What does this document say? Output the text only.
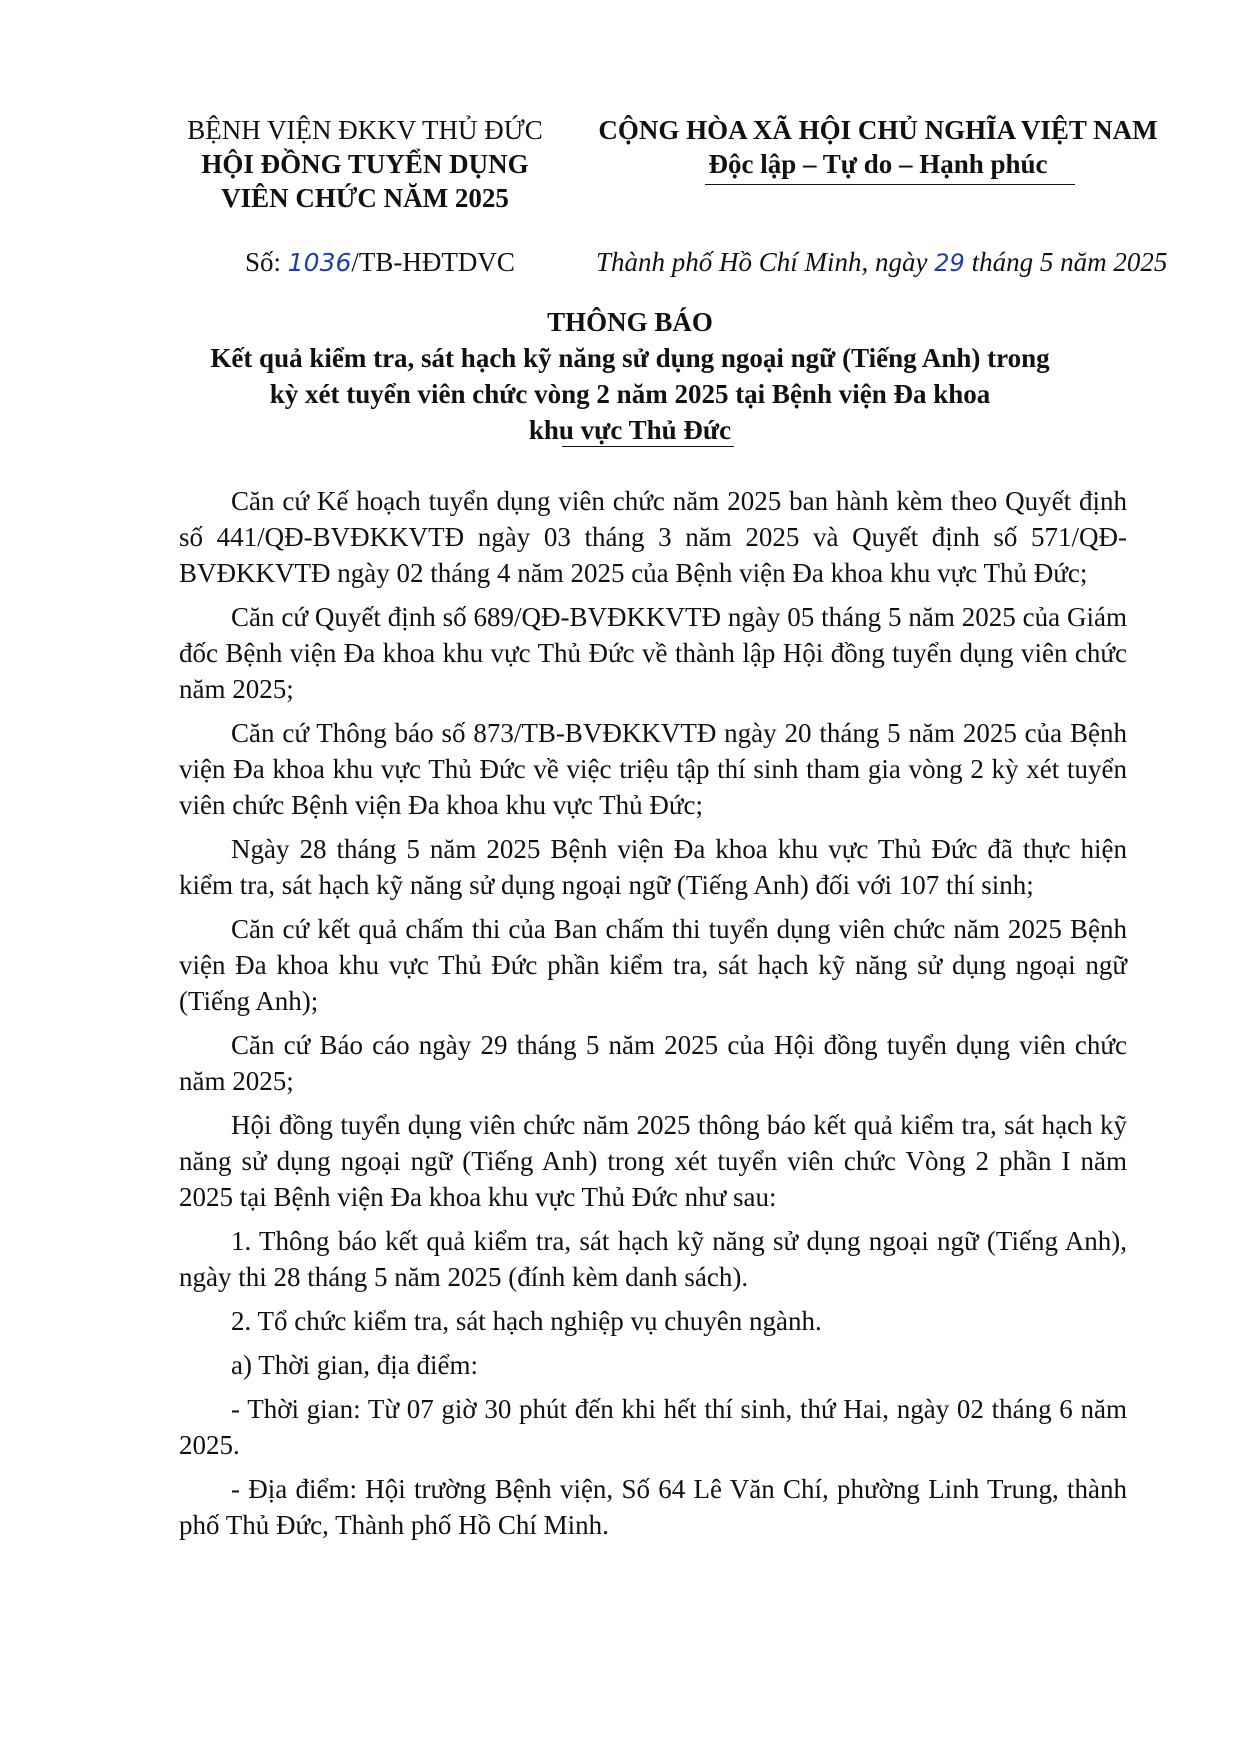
BỆNH VIỆN ĐKKV THỦ ĐỨC
HỘI ĐỒNG TUYỂN DỤNG
VIÊN CHỨC NĂM 2025
CỘNG HÒA XÃ HỘI CHỦ NGHĨA VIỆT NAM
Độc lập – Tự do – Hạnh phúc
Số: 1036/TB-HĐTDVC	Thành phố Hồ Chí Minh, ngày 29 tháng 5 năm 2025
THÔNG BÁO
Kết quả kiểm tra, sát hạch kỹ năng sử dụng ngoại ngữ (Tiếng Anh) trong
kỳ xét tuyển viên chức vòng 2 năm 2025 tại Bệnh viện Đa khoa
khu vực Thủ Đức

Căn cứ Kế hoạch tuyển dụng viên chức năm 2025 ban hành kèm theo Quyết định số 441/QĐ-BVĐKKVTĐ ngày 03 tháng 3 năm 2025 và Quyết định số 571/QĐ-BVĐKKVTĐ ngày 02 tháng 4 năm 2025 của Bệnh viện Đa khoa khu vực Thủ Đức;

Căn cứ Quyết định số 689/QĐ-BVĐKKVTĐ ngày 05 tháng 5 năm 2025 của Giám đốc Bệnh viện Đa khoa khu vực Thủ Đức về thành lập Hội đồng tuyển dụng viên chức năm 2025;

Căn cứ Thông báo số 873/TB-BVĐKKVTĐ ngày 20 tháng 5 năm 2025 của Bệnh viện Đa khoa khu vực Thủ Đức về việc triệu tập thí sinh tham gia vòng 2 kỳ xét tuyển viên chức Bệnh viện Đa khoa khu vực Thủ Đức;

Ngày 28 tháng 5 năm 2025 Bệnh viện Đa khoa khu vực Thủ Đức đã thực hiện kiểm tra, sát hạch kỹ năng sử dụng ngoại ngữ (Tiếng Anh) đối với 107 thí sinh;

Căn cứ kết quả chấm thi của Ban chấm thi tuyển dụng viên chức năm 2025 Bệnh viện Đa khoa khu vực Thủ Đức phần kiểm tra, sát hạch kỹ năng sử dụng ngoại ngữ (Tiếng Anh);

Căn cứ Báo cáo ngày 29 tháng 5 năm 2025 của Hội đồng tuyển dụng viên chức năm 2025;

Hội đồng tuyển dụng viên chức năm 2025 thông báo kết quả kiểm tra, sát hạch kỹ năng sử dụng ngoại ngữ (Tiếng Anh) trong xét tuyển viên chức Vòng 2 phần I năm 2025 tại Bệnh viện Đa khoa khu vực Thủ Đức như sau:

1. Thông báo kết quả kiểm tra, sát hạch kỹ năng sử dụng ngoại ngữ (Tiếng Anh), ngày thi 28 tháng 5 năm 2025 (đính kèm danh sách).

2. Tổ chức kiểm tra, sát hạch nghiệp vụ chuyên ngành.

a) Thời gian, địa điểm:

- Thời gian: Từ 07 giờ 30 phút đến khi hết thí sinh, thứ Hai, ngày 02 tháng 6 năm 2025.

- Địa điểm: Hội trường Bệnh viện, Số 64 Lê Văn Chí, phường Linh Trung, thành phố Thủ Đức, Thành phố Hồ Chí Minh.
